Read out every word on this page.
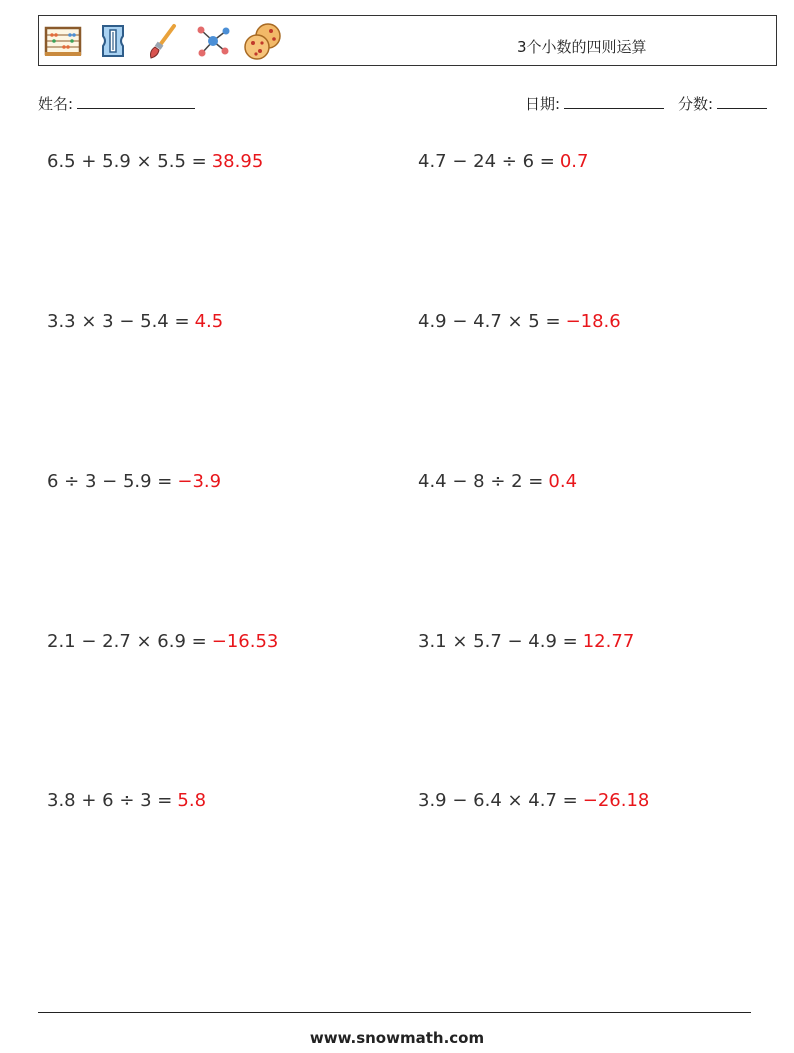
3个小数的四则运算
姓名:	日期:	分数:
6.5 + 5.9 × 5.5 = 38.95	4.7 − 24 ÷ 6 = 0.7
3.3 × 3 − 5.4 = 4.5	4.9 − 4.7 × 5 = −18.6
6 ÷ 3 − 5.9 = −3.9	4.4 − 8 ÷ 2 = 0.4
2.1 − 2.7 × 6.9 = −16.53	3.1 × 5.7 − 4.9 = 12.77
3.8 + 6 ÷ 3 = 5.8	3.9 − 6.4 × 4.7 = −26.18
www.snowmath.com
